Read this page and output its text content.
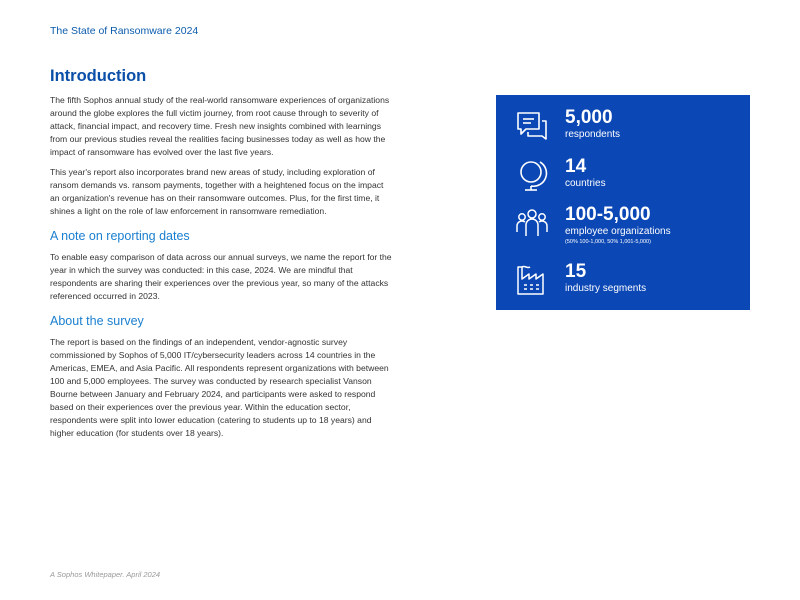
The State of Ransomware 2024
Introduction

The fifth Sophos annual study of the real-world ransomware experiences of organizations around the globe explores the full victim journey, from root cause through to severity of attack, financial impact, and recovery time. Fresh new insights combined with learnings from our previous studies reveal the realities facing businesses today as well as how the impact of ransomware has evolved over the last five years.

This year's report also incorporates brand new areas of study, including exploration of ransom demands vs. ransom payments, together with a heightened focus on the impact an organization's revenue has on their ransomware outcomes. Plus, for the first time, it shines a light on the role of law enforcement in ransomware remediation.

A note on reporting dates

To enable easy comparison of data across our annual surveys, we name the report for the year in which the survey was conducted: in this case, 2024. We are mindful that respondents are sharing their experiences over the previous year, so many of the attacks referenced occurred in 2023.

About the survey

The report is based on the findings of an independent, vendor-agnostic survey commissioned by Sophos of 5,000 IT/cybersecurity leaders across 14 countries in the Americas, EMEA, and Asia Pacific. All respondents represent organizations with between 100 and 5,000 employees. The survey was conducted by research specialist Vanson Bourne between January and February 2024, and participants were asked to respond based on their experiences over the previous year. Within the education sector, respondents were split into lower education (catering to students up to 18 years) and higher education (for students over 18 years).

5,000
respondents
14
countries
100-5,000
employee organizations
(50% 100-1,000, 50% 1,001-5,000)
15
industry segments
A Sophos Whitepaper. April 2024
